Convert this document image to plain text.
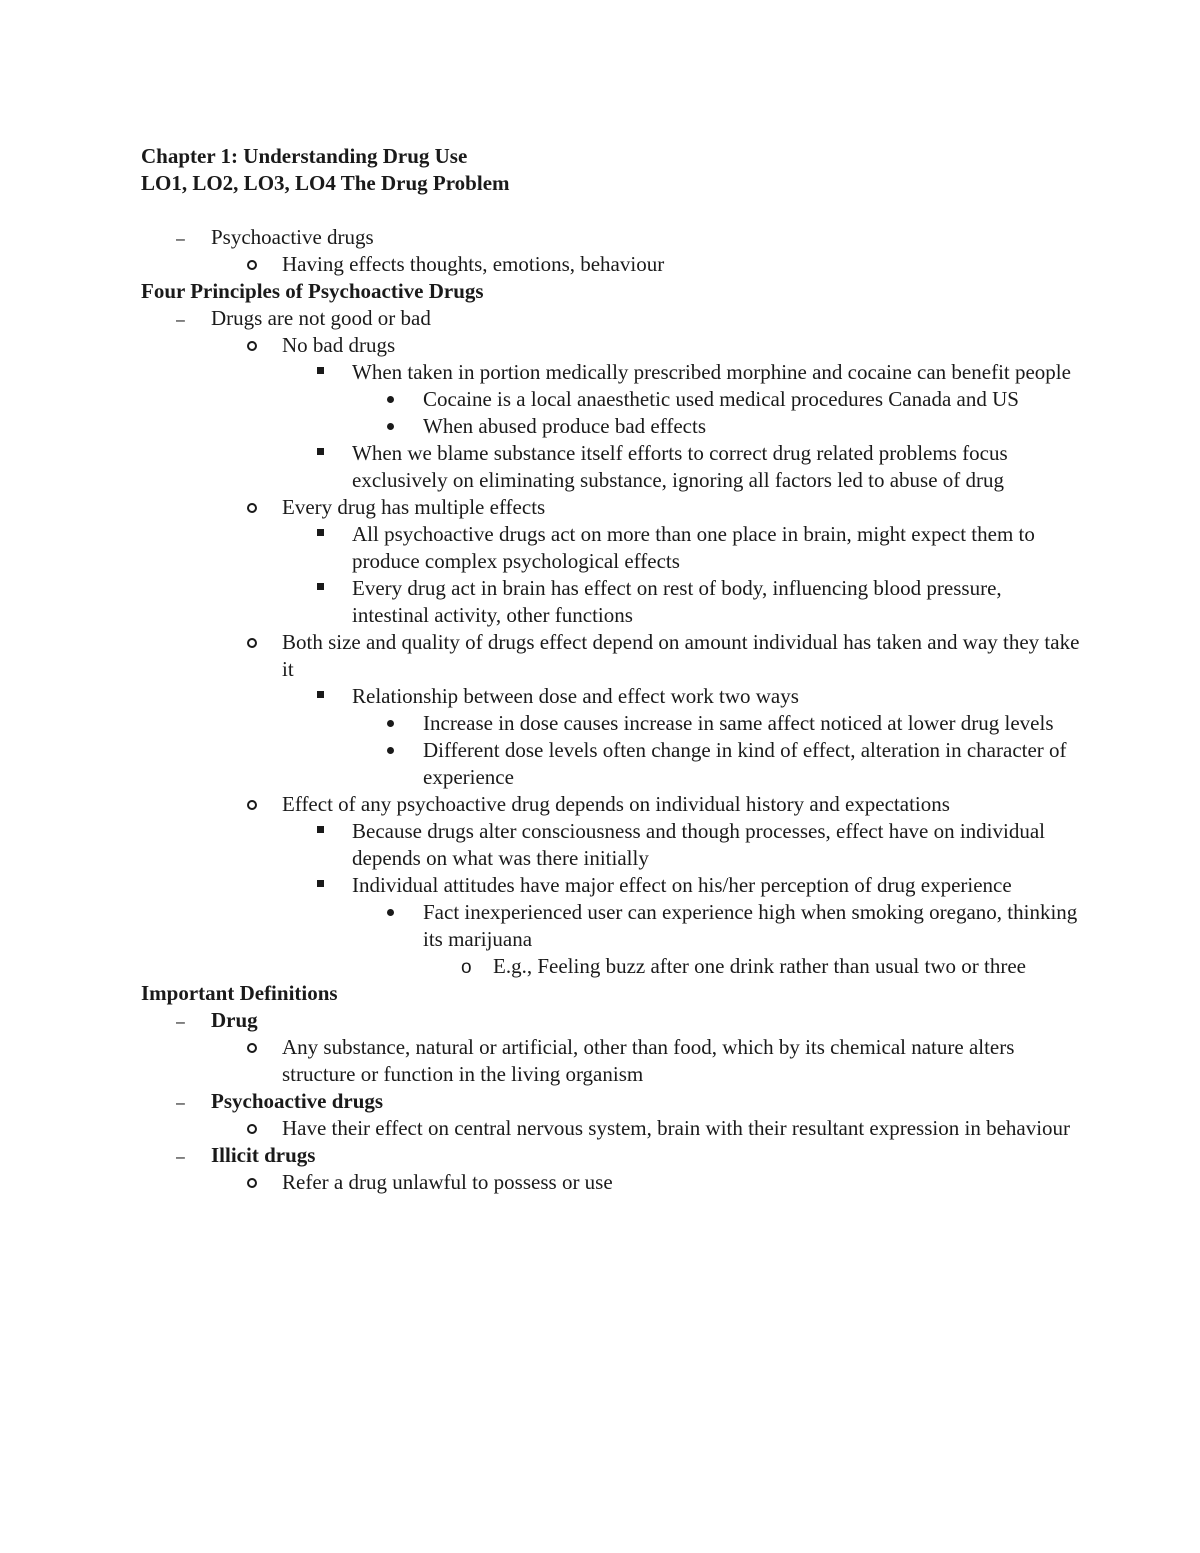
Chapter 1: Understanding Drug Use
LO1, LO2, LO3, LO4 The Drug Problem
–
Psychoactive drugs
Having effects thoughts, emotions, behaviour
Four Principles of Psychoactive Drugs
–
Drugs are not good or bad
No bad drugs
When taken in portion medically prescribed morphine and cocaine can benefit people
Cocaine is a local anaesthetic used medical procedures Canada and US
When abused produce bad effects
When we blame substance itself efforts to correct drug related problems focus exclusively on eliminating substance, ignoring all factors led to abuse of drug
Every drug has multiple effects
All psychoactive drugs act on more than one place in brain, might expect them to produce complex psychological effects
Every drug act in brain has effect on rest of body, influencing blood pressure, intestinal activity, other functions
Both size and quality of drugs effect depend on amount individual has taken and way they take it
Relationship between dose and effect work two ways
Increase in dose causes increase in same affect noticed at lower drug levels
Different dose levels often change in kind of effect, alteration in character of experience
Effect of any psychoactive drug depends on individual history and expectations
Because drugs alter consciousness and though processes, effect have on individual depends on what was there initially
Individual attitudes have major effect on his/her perception of drug experience
Fact inexperienced user can experience high when smoking oregano, thinking its marijuana
o
E.g., Feeling buzz after one drink rather than usual two or three
Important Definitions
–
Drug
Any substance, natural or artificial, other than food, which by its chemical nature alters structure or function in the living organism
–
Psychoactive drugs
Have their effect on central nervous system, brain with their resultant expression in behaviour
–
Illicit drugs
Refer a drug unlawful to possess or use
